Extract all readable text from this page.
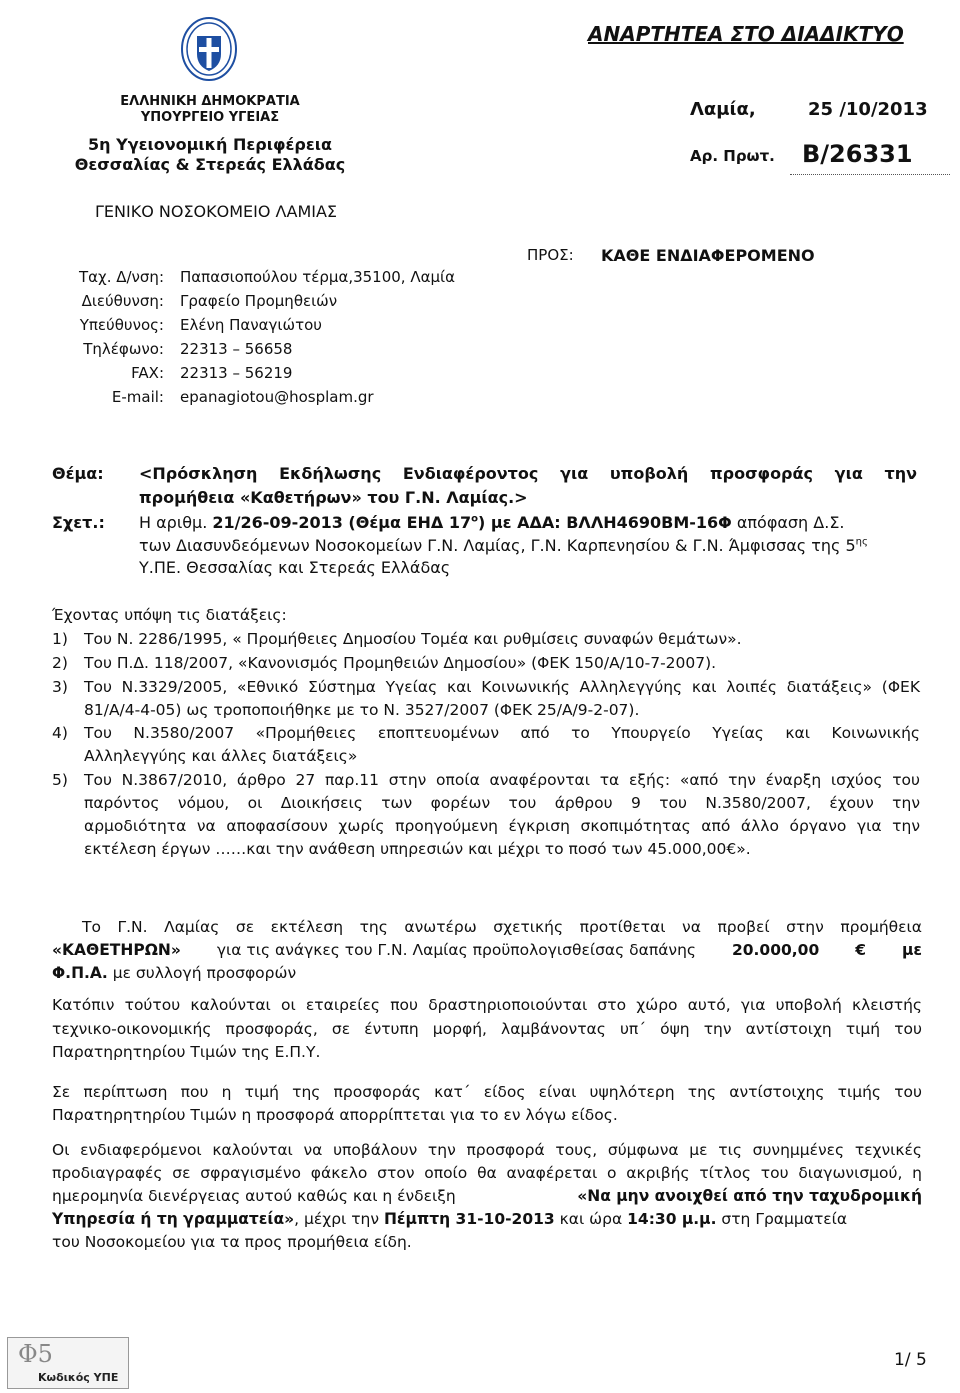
ΕΛΛΗΝΙΚΗ ΔΗΜΟΚΡΑΤΙΑ
ΥΠΟΥΡΓΕΙΟ ΥΓΕΙΑΣ
5η Υγειονομική Περιφέρεια
Θεσσαλίας & Στερεάς Ελλάδας
ΑΝΑΡΤΗΤΕΑ ΣΤΟ ΔΙΑΔΙΚΤΥΟ
Λαμία,	25 /10/2013
Αρ. Πρωτ. Β/26331
ΓΕΝΙΚΟ ΝΟΣΟΚΟΜΕΙΟ ΛΑΜΙΑΣ
Ταχ. Δ/νση: Παπασιοπούλου τέρμα,35100, Λαμία
Διεύθυνση: Γραφείο Προμηθειών
Υπεύθυνος: Ελένη Παναγιώτου
Τηλέφωνο: 22313 – 56658
FAX: 22313 – 56219
E-mail: epanagiotou@hosplam.gr
ΠΡΟΣ: ΚΑΘΕ ΕΝΔΙΑΦΕΡΟΜΕΝΟ
Θέμα: <Πρόσκληση Εκδήλωσης Ενδιαφέροντος για υποβολή προσφοράς για την
προμήθεια «Καθετήρων» του Γ.Ν. Λαμίας.>
Σχετ.: Η αριθμ. 21/26-09-2013 (Θέμα ΕΗΔ $17^o$) με ΑΔΑ: ΒΛΛΗ4690ΒΜ-16Φ απόφαση Δ.Σ.
των Διασυνδεόμενων Νοσοκομείων Γ.Ν. Λαμίας, Γ.Ν. Καρπενησίου & Γ.Ν. Άμφισσας της $5^{\eta\varsigma}$
Υ.ΠΕ. Θεσσαλίας και Στερεάς Ελλάδας
Έχοντας υπόψη τις διατάξεις:
1) Του Ν. 2286/1995, « Προμήθειες Δημοσίου Τομέα και ρυθμίσεις συναφών θεμάτων».
2) Του Π.Δ. 118/2007, «Κανονισμός Προμηθειών Δημοσίου» (ΦΕΚ 150/Α/10-7-2007).
3) Του Ν.3329/2005, «Εθνικό Σύστημα Υγείας και Κοινωνικής Αλληλεγγύης και λοιπές διατάξεις» (ΦΕΚ
81/Α/4-4-05) ως τροποποιήθηκε με το Ν. 3527/2007 (ΦΕΚ 25/Α/9-2-07).
4) Του Ν.3580/2007 «Προμήθειες εποπτευομένων από το Υπουργείο Υγείας και Κοινωνικής
Αλληλεγγύης και άλλες διατάξεις»
5) Του Ν.3867/2010, άρθρο 27 παρ.11 στην οποία αναφέρονται τα εξής: «από την έναρξη ισχύος του
παρόντος νόμου, οι Διοικήσεις των φορέων του άρθρου 9 του Ν.3580/2007, έχουν την
αρμοδιότητα να αποφασίσουν χωρίς προηγούμενη έγκριση σκοπιμότητας από άλλο όργανο για την
εκτέλεση έργων ……και την ανάθεση υπηρεσιών και μέχρι το ποσό των 45.000,00€».
Το Γ.Ν. Λαμίας σε εκτέλεση της ανωτέρω σχετικής προτίθεται να προβεί στην προμήθεια
«ΚΑΘΕΤΗΡΩΝ» για τις ανάγκες του Γ.Ν. Λαμίας προϋπολογισθείσας δαπάνης 20.000,00 € με
Φ.Π.Α. με συλλογή προσφορών
Κατόπιν τούτου καλούνται οι εταιρείες που δραστηριοποιούνται στο χώρο αυτό, για υποβολή κλειστής
τεχνικο-οικονομικής προσφοράς, σε έντυπη μορφή, λαμβάνοντας υπ΄ όψη την αντίστοιχη τιμή του
Παρατηρητηρίου Τιμών της Ε.Π.Υ.
Σε περίπτωση που η τιμή της προσφοράς κατ΄ είδος είναι υψηλότερη της αντίστοιχης τιμής του
Παρατηρητηρίου Τιμών η προσφορά απορρίπτεται για το εν λόγω είδος.
Οι ενδιαφερόμενοι καλούνται να υποβάλουν την προσφορά τους, σύμφωνα με τις συνημμένες τεχνικές
προδιαγραφές σε σφραγισμένο φάκελο στον οποίο θα αναφέρεται ο ακριβής τίτλος του διαγωνισμού, η
ημερομηνία διενέργειας αυτού καθώς και η ένδειξη	«Να μην ανοιχθεί από την ταχυδρομική
Υπηρεσία ή τη γραμματεία», μέχρι την Πέμπτη 31-10-2013 και ώρα 14:30 μ.μ. στη Γραμματεία
του Νοσοκομείου για τα προς προμήθεια είδη.
Φ5
Κωδικός ΥΠΕ
1/ 5
